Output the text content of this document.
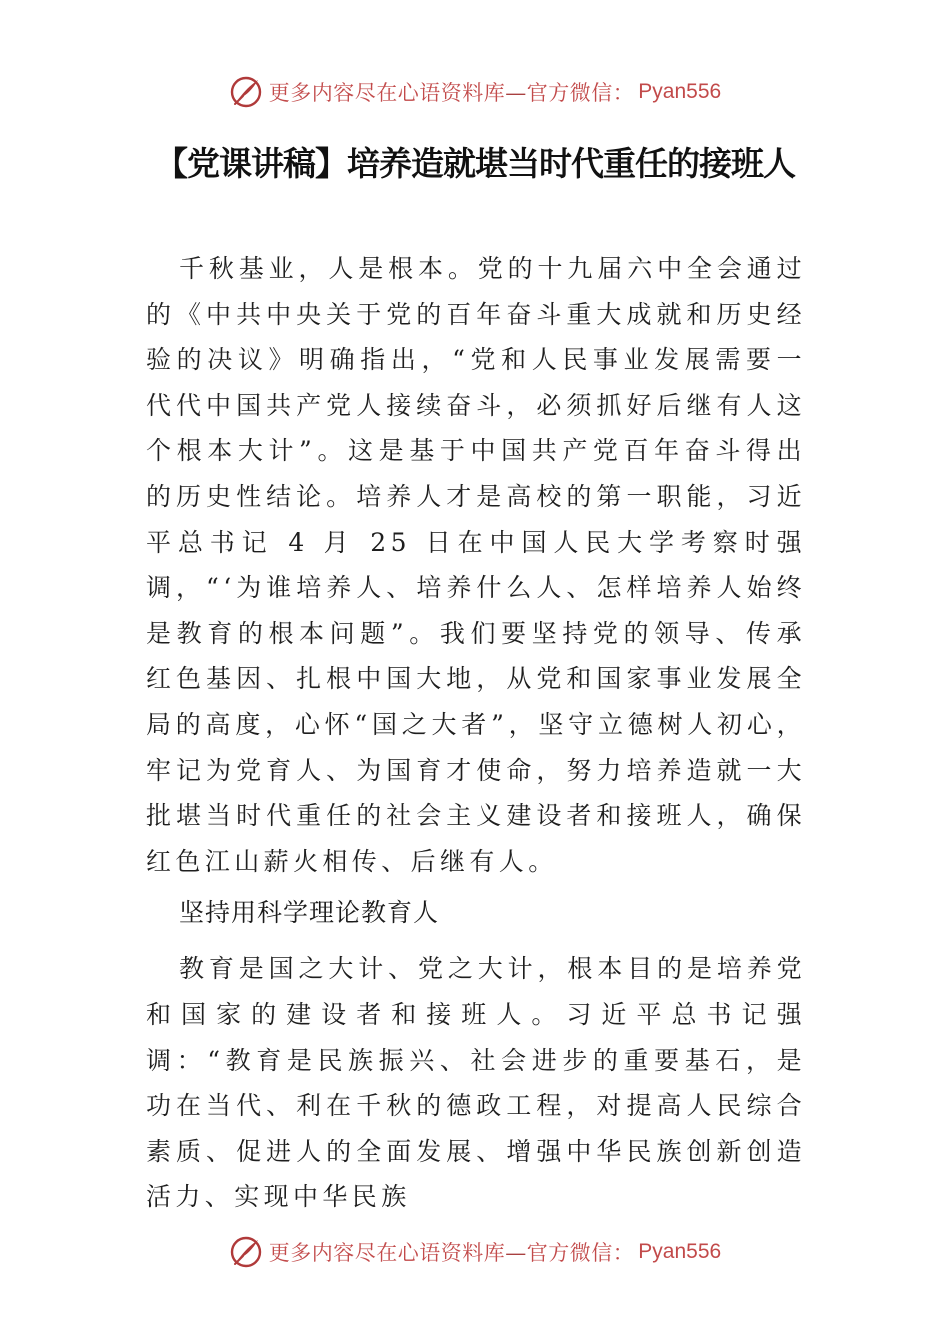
更多内容尽在心语资料库—官方微信： Pyan556
【党课讲稿】培养造就堪当时代重任的接班人

千秋基业，人是根本。党的十九届六中全会通过的《中共中央关于党的百年奋斗重大成就和历史经验的决议》明确指出，“党和人民事业发展需要一代代中国共产党人接续奋斗，必须抓好后继有人这个根本大计”。这是基于中国共产党百年奋斗得出的历史性结论。培养人才是高校的第一职能，习近平总书记 4 月 25 日在中国人民大学考察时强调，“‘为谁培养人、培养什么人、怎样培养人始终是教育的根本问题”。我们要坚持党的领导、传承红色基因、扎根中国大地，从党和国家事业发展全局的高度，心怀“国之大者”，坚守立德树人初心，牢记为党育人、为国育才使命，努力培养造就一大批堪当时代重任的社会主义建设者和接班人，确保红色江山薪火相传、后继有人。

坚持用科学理论教育人

教育是国之大计、党之大计，根本目的是培养党和国家的建设者和接班人。习近平总书记强调：“教育是民族振兴、社会进步的重要基石，是功在当代、利在千秋的德政工程，对提高人民综合素质、促进人的全面发展、增强中华民族创新创造活力、实现中华民族

更多内容尽在心语资料库—官方微信： Pyan556
